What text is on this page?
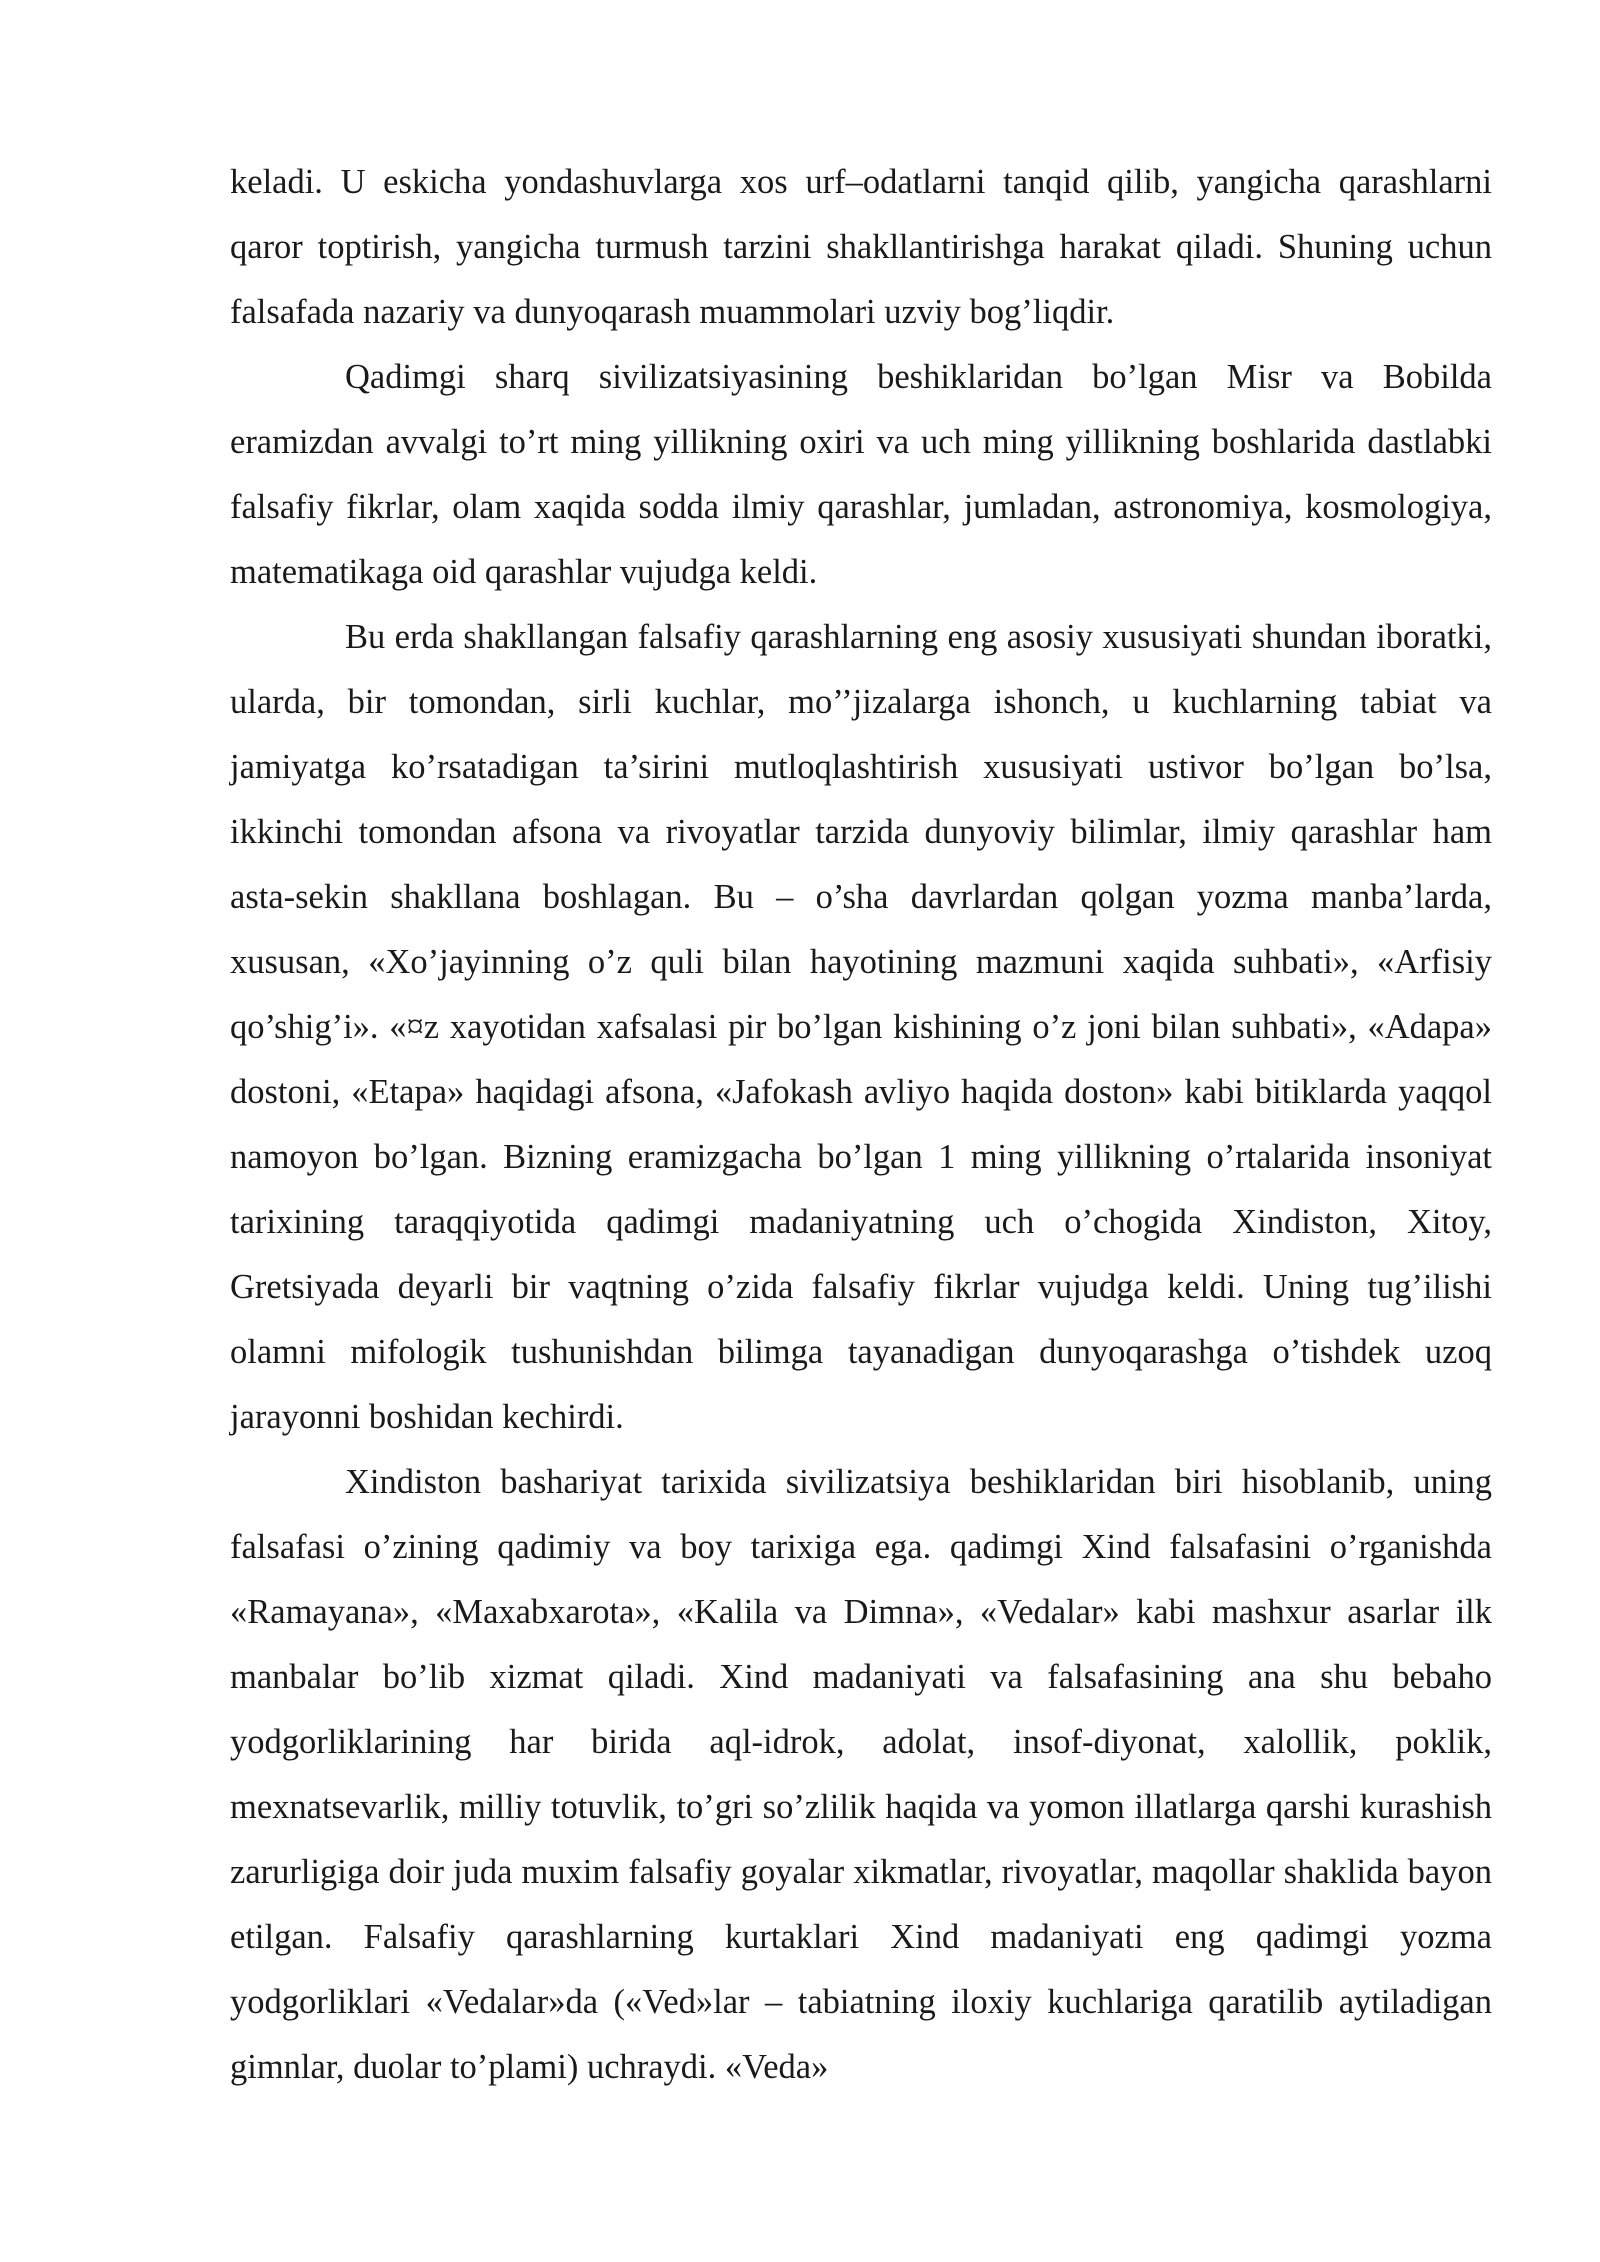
keladi. U eskicha yondashuvlarga xos urf–odatlarni tanqid qilib, yangicha qarashlarni qaror toptirish, yangicha turmush tarzini shakllantirishga harakat qiladi. Shuning uchun falsafada nazariy va dunyoqarash muammolari uzviy bog’liqdir.

Qadimgi sharq sivilizatsiyasining beshiklaridan bo’lgan Misr va Bobilda eramizdan avvalgi to’rt ming yillikning oxiri va uch ming yillikning boshlarida dastlabki falsafiy fikrlar, olam xaqida sodda ilmiy qarashlar, jumladan, astronomiya, kosmologiya, matematikaga oid qarashlar vujudga keldi.

Bu erda shakllangan falsafiy qarashlarning eng asosiy xususiyati shundan iboratki, ularda, bir tomondan, sirli kuchlar, mo’’jizalarga ishonch, u kuchlarning tabiat va jamiyatga ko’rsatadigan ta’sirini mutloqlashtirish xususiyati ustivor bo’lgan bo’lsa, ikkinchi tomondan afsona va rivoyatlar tarzida dunyoviy bilimlar, ilmiy qarashlar ham asta-sekin shakllana boshlagan. Bu – o’sha davrlardan qolgan yozma manba’larda, xususan, «Xo’jayinning o’z quli bilan hayotining mazmuni xaqida suhbati», «Arfisiy qo’shig’i». «¤z xayotidan xafsalasi pir bo’lgan kishining o’z joni bilan suhbati», «Adapa» dostoni, «Etapa» haqidagi afsona, «Jafokash avliyo haqida doston» kabi bitiklarda yaqqol namoyon bo’lgan. Bizning eramizgacha bo’lgan 1 ming yillikning o’rtalarida insoniyat tarixining taraqqiyotida qadimgi madaniyatning uch o’chogida Xindiston, Xitoy, Gretsiyada deyarli bir vaqtning o’zida falsafiy fikrlar vujudga keldi. Uning tug’ilishi olamni mifologik tushunishdan bilimga tayanadigan dunyoqarashga o’tishdek uzoq jarayonni boshidan kechirdi.

Xindiston bashariyat tarixida sivilizatsiya beshiklaridan biri hisoblanib, uning falsafasi o’zining qadimiy va boy tarixiga ega. qadimgi Xind falsafasini o’rganishda «Ramayana», «Maxabxarota», «Kalila va Dimna», «Vedalar» kabi mashxur asarlar ilk manbalar bo’lib xizmat qiladi. Xind madaniyati va falsafasining ana shu bebaho yodgorliklarining har birida aql-idrok, adolat, insof-diyonat, xalollik, poklik, mexnatsevarlik, milliy totuvlik, to’gri so’zlilik haqida va yomon illatlarga qarshi kurashish zarurligiga doir juda muxim falsafiy goyalar xikmatlar, rivoyatlar, maqollar shaklida bayon etilgan. Falsafiy qarashlarning kurtaklari Xind madaniyati eng qadimgi yozma yodgorliklari «Vedalar»da («Ved»lar – tabiatning iloxiy kuchlariga qaratilib aytiladigan gimnlar, duolar to’plami) uchraydi. «Veda»
